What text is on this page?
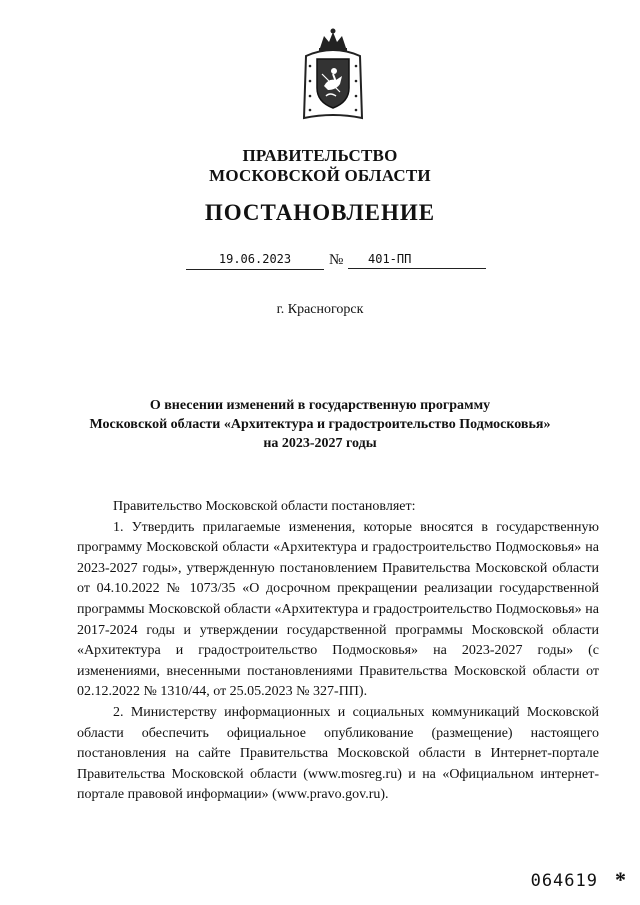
ПРАВИТЕЛЬСТВО
МОСКОВСКОЙ ОБЛАСТИ
ПОСТАНОВЛЕНИЕ
19.06.2023	№	401-ПП
г. Красногорск
О внесении изменений в государственную программу
Московской области «Архитектура и градостроительство Подмосковья»
на 2023-2027 годы

Правительство Московской области постановляет:

1. Утвердить прилагаемые изменения, которые вносятся в государственную программу Московской области «Архитектура и градостроительство Подмосковья» на 2023-2027 годы», утвержденную постановлением Правительства Московской области от 04.10.2022 № 1073/35 «О досрочном прекращении реализации государственной программы Московской области «Архитектура и градостроительство Подмосковья» на 2017-2024 годы и утверждении государственной программы Московской области «Архитектура и градостроительство Подмосковья» на 2023-2027 годы» (с изменениями, внесенными постановлениями Правительства Московской области от 02.12.2022 № 1310/44, от 25.05.2023 № 327-ПП).

2. Министерству информационных и социальных коммуникаций Московской области обеспечить официальное опубликование (размещение) настоящего постановления на сайте Правительства Московской области в Интернет-портале Правительства Московской области (www.mosreg.ru) и на «Официальном интернет-портале правовой информации» (www.pravo.gov.ru).

064619 *
